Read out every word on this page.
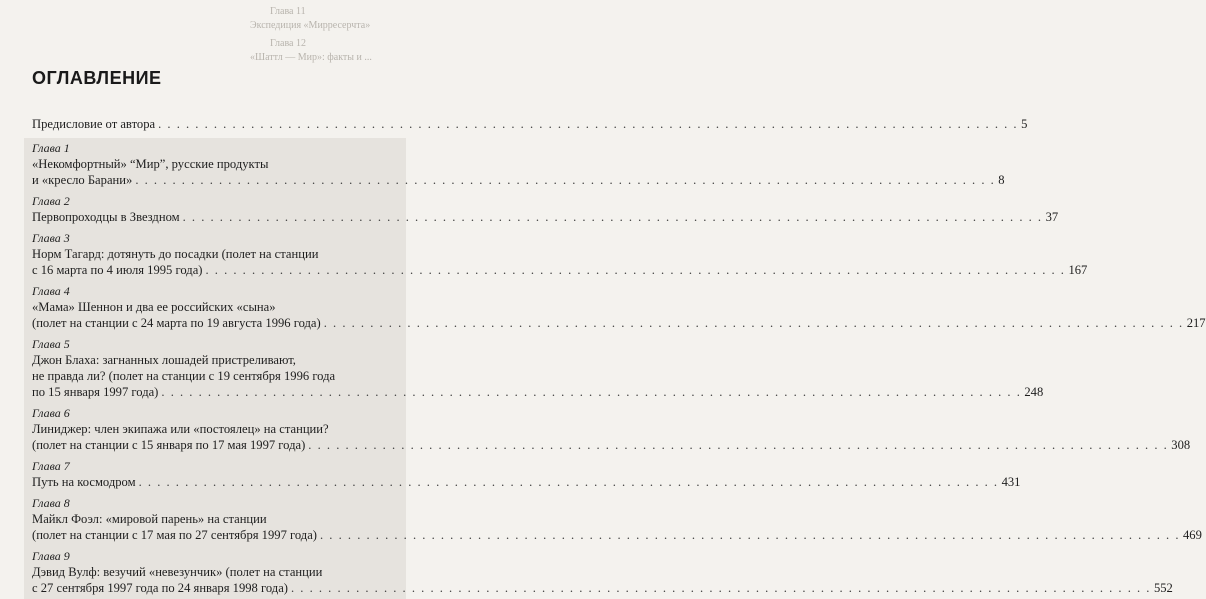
Глава 11
Экспедиция «Мирресерчта»
Глава 12
«Шаттл — Мир»: факты и ...
ОГЛАВЛЕНИЕ
Предисловие от автора . . .	5
Глава 1
«Некомфортный» “Мир”, русские продукты
и «кресло Барани» . . .	8
Глава 2
Первопроходцы в Звездном . . .	37
Глава 3
Норм Тагард: дотянуть до посадки (полет на станции
с 16 марта по 4 июля 1995 года) . . .	167
Глава 4
«Мама» Шеннон и два ее российских «сына»
(полет на станции с 24 марта по 19 августа 1996 года) . . .	217
Глава 5
Джон Блаха: загнанных лошадей пристреливают,
не правда ли? (полет на станции с 19 сентября 1996 года
по 15 января 1997 года) . . .	248
Глава 6
Линиджер: член экипажа или «постоялец» на станции?
(полет на станции с 15 января по 17 мая 1997 года) . . .	308
Глава 7
Путь на космодром . . .	431
Глава 8
Майкл Фоэл: «мировой парень» на станции
(полет на станции с 17 мая по 27 сентября 1997 года) . . .	469
Глава 9
Дэвид Вулф: везучий «невезунчик» (полет на станции
с 27 сентября 1997 года по 24 января 1998 года) . . .	552
